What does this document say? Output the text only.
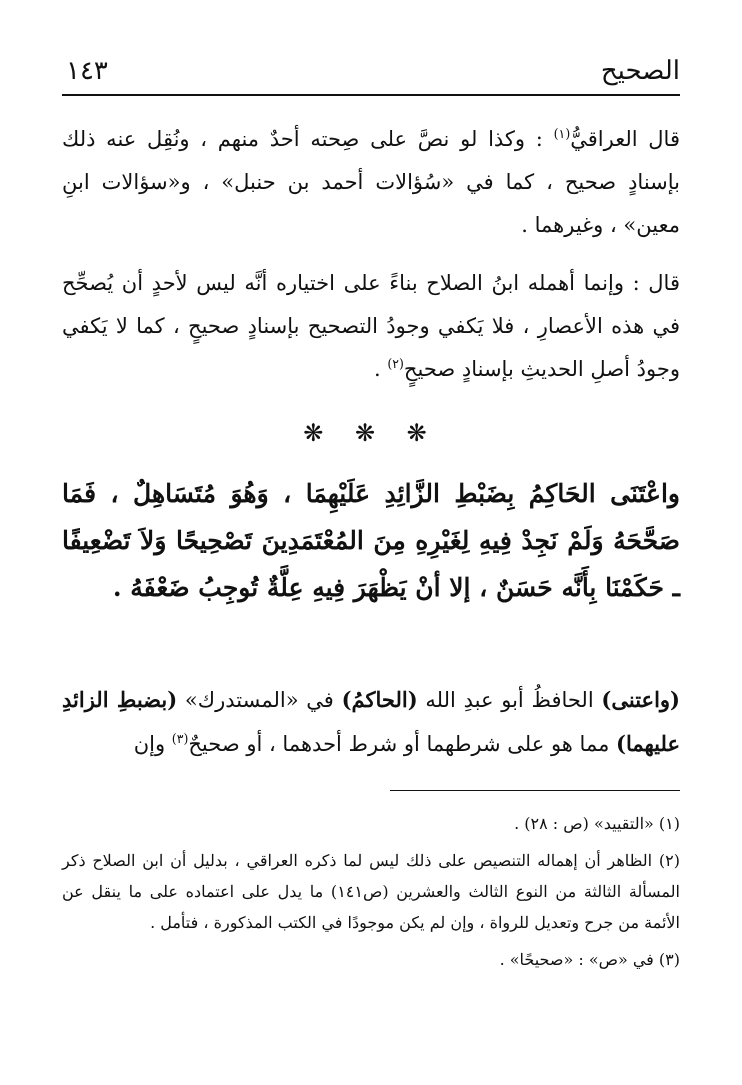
الصحيح
١٤٣

قال العراقيُّ$^{(١)}$ : وكذا لو نصَّ على صِحته أحدٌ منهم ، ونُقِل عنه ذلك بإسنادٍ صحيح ، كما في «سُؤالات أحمد بن حنبل» ، و«سؤالات ابنِ معين» ، وغيرهما .

قال : وإنما أهمله ابنُ الصلاح بناءً على اختياره أنَّه ليس لأحدٍ أن يُصحِّح في هذه الأعصارِ ، فلا يَكفي وجودُ التصحيح بإسنادٍ صحيحٍ ، كما لا يَكفي وجودُ أصلِ الحديثِ بإسنادٍ صحيحٍ$^{(٢)}$ .

❋ ❋ ❋

واعْتَنَى الحَاكِمُ بِضَبْطِ الزَّائِدِ عَلَيْهِمَا ، وَهُوَ مُتَسَاهِلٌ ، فَمَا صَحَّحَهُ وَلَمْ نَجِدْ فِيهِ لِغَيْرِهِ مِنَ المُعْتَمَدِينَ تَصْحِيحًا وَلاَ تَضْعِيفًا ـ حَكَمْنَا بِأَنَّه حَسَنٌ ، إلا أنْ يَظْهَرَ فِيهِ عِلَّةٌ تُوجِبُ ضَعْفَهُ .

(واعتنى) الحافظُ أبو عبدِ الله (الحاكمُ) في «المستدرك» (بضبطِ الزائدِ عليهما) مما هو على شرطهما أو شرط أحدهما ، أو صحيحٌ$^{(٣)}$ وإن

(١) «التقييد» (ص : ٢٨) .

(٢) الظاهر أن إهماله التنصيص على ذلك ليس لما ذكره العراقي ، بدليل أن ابن الصلاح ذكر المسألة الثالثة من النوع الثالث والعشرين (ص١٤١) ما يدل على اعتماده على ما ينقل عن الأئمة من جرح وتعديل للرواة ، وإن لم يكن موجودًا في الكتب المذكورة ، فتأمل .

(٣) في «ص» : «صحيحًا» .
